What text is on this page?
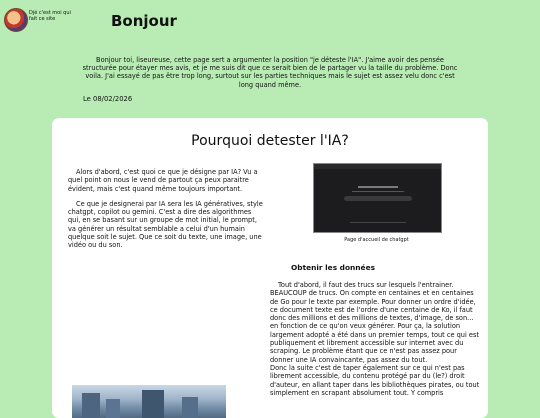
Djé c'est moi qui fait ce site	Bonjour

Bonjour toi, liseureuse, cette page sert a argumenter la position "je déteste l'IA". J'aime avoir des pensée structurée pour étayer mes avis, et je me suis dit que ce serait bien de le partager vu la taille du problème. Donc voila. J'ai essayé de pas être trop long, surtout sur les parties techniques mais le sujet est assez velu donc c'est long quand même.

Le 08/02/2026
Pourquoi detester l'IA?

Alors d'abord, c'est quoi ce que je désigne par IA? Vu a quel point on nous le vend de partout ça peux paraitre évident, mais c'est quand même toujours important.

Ce que je designerai par IA sera les IA génératives, style chatgpt, copilot ou gemini. C'est a dire des algorithmes qui, en se basant sur un groupe de mot initial, le prompt, va générer un résultat semblable a celui d'un humain quelque soit le sujet. Que ce soit du texte, une image, une vidéo ou du son.

Page d'accueil de chatgpt
Obtenir les données

Tout d'abord, il faut des trucs sur lesquels l'entrainer. BEAUCOUP de trucs. On compte en centaines et en centaines de Go pour le texte par exemple. Pour donner un ordre d'idée, ce document texte est de l'ordre d'une centaine de Ko, il faut donc des millions et des millions de textes, d'image, de son... en fonction de ce qu'on veux générer. Pour ça, la solution largement adopté a été dans un premier temps, tout ce qui est publiquement et librement accessible sur internet avec du scraping. Le problème étant que ce n'est pas assez pour donner une IA convaincante, pas assez du tout.

Donc la suite c'est de taper également sur ce qui n'est pas librement accessible, du contenu protégé par du (le?) droit d'auteur, en allant taper dans les bibliothèques pirates, ou tout simplement en scrapant absolument tout. Y compris
